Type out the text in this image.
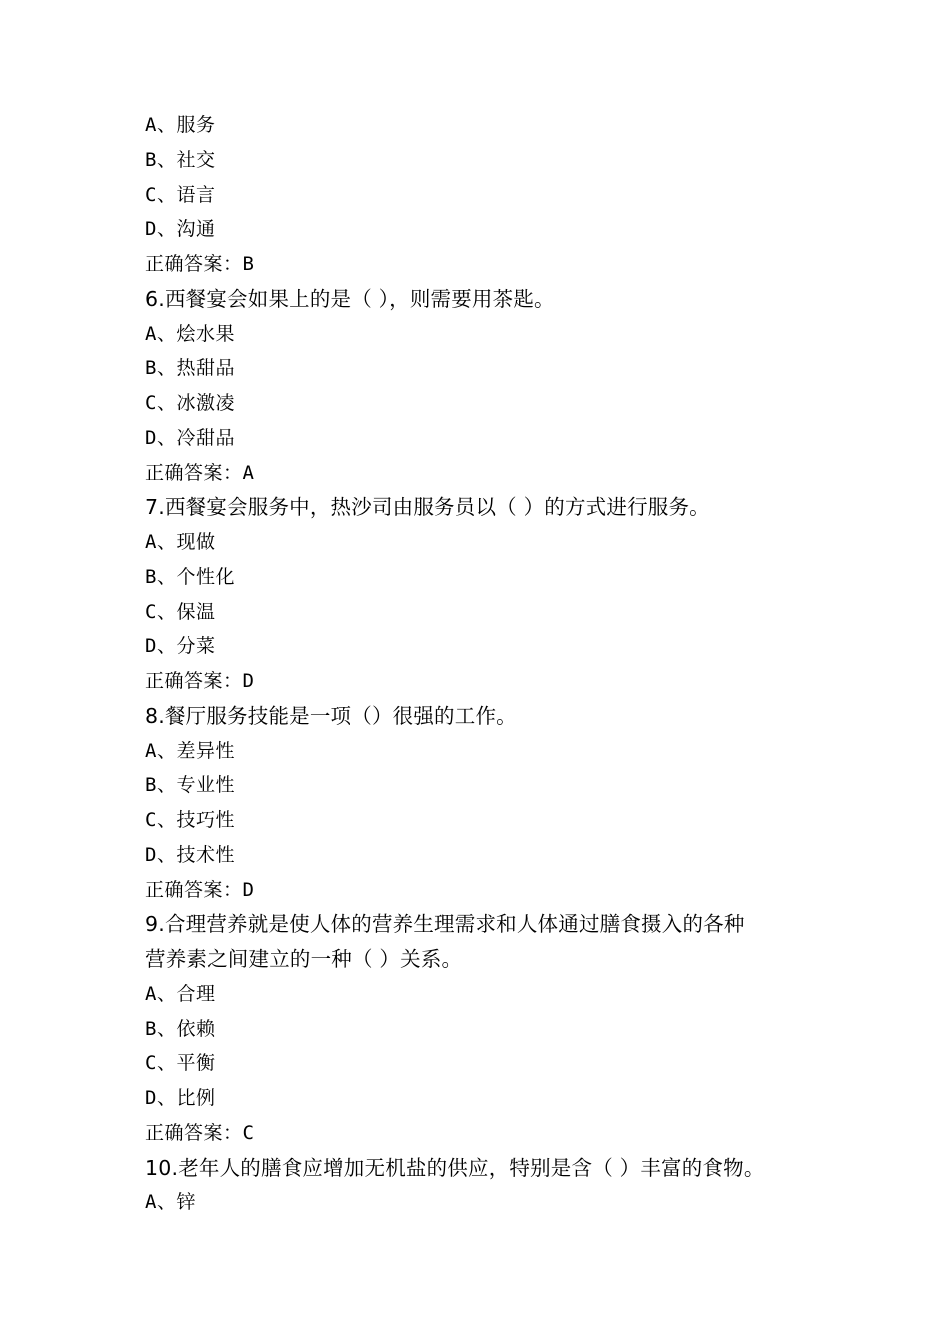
A、服务
B、社交
C、语言
D、沟通
正确答案：B
6.西餐宴会如果上的是（ ），则需要用茶匙。
A、烩水果
B、热甜品
C、冰激凌
D、冷甜品
正确答案：A
7.西餐宴会服务中，热沙司由服务员以（ ）的方式进行服务。
A、现做
B、个性化
C、保温
D、分菜
正确答案：D
8.餐厅服务技能是一项（）很强的工作。
A、差异性
B、专业性
C、技巧性
D、技术性
正确答案：D
9.合理营养就是使人体的营养生理需求和人体通过膳食摄入的各种
营养素之间建立的一种（ ）关系。
A、合理
B、依赖
C、平衡
D、比例
正确答案：C
10.老年人的膳食应增加无机盐的供应，特别是含（ ）丰富的食物。
A、锌
